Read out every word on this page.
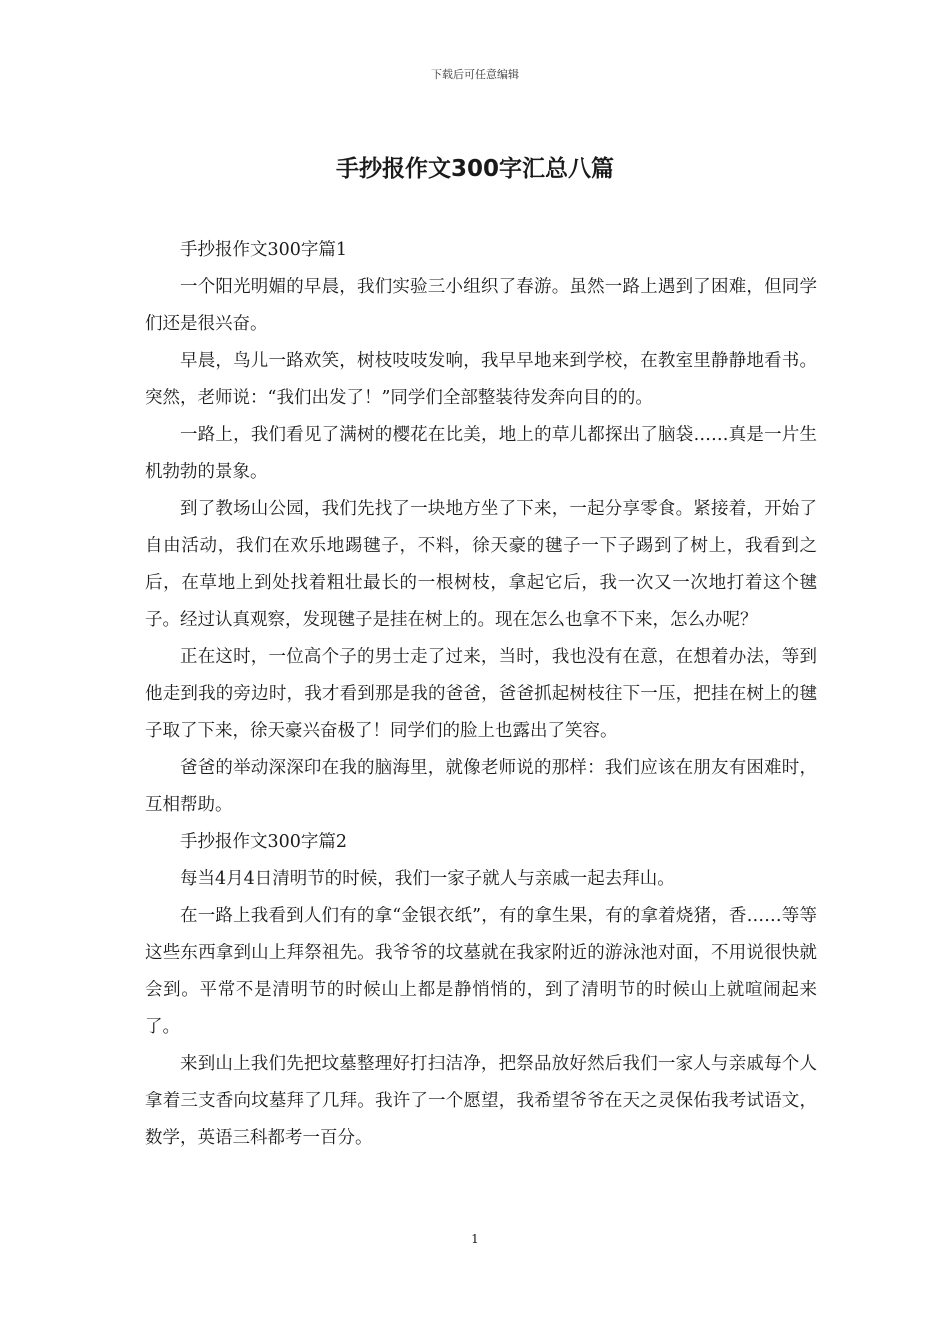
下载后可任意编辑
手抄报作文300字汇总八篇

手抄报作文300字篇1

一个阳光明媚的早晨，我们实验三小组织了春游。虽然一路上遇到了困难，但同学们还是很兴奋。

早晨，鸟儿一路欢笑，树枝吱吱发响，我早早地来到学校，在教室里静静地看书。突然，老师说：“我们出发了！”同学们全部整装待发奔向目的的。

一路上，我们看见了满树的樱花在比美，地上的草儿都探出了脑袋……真是一片生机勃勃的景象。

到了教场山公园，我们先找了一块地方坐了下来，一起分享零食。紧接着，开始了自由活动，我们在欢乐地踢毽子，不料，徐天豪的毽子一下子踢到了树上，我看到之后，在草地上到处找着粗壮最长的一根树枝，拿起它后，我一次又一次地打着这个毽子。经过认真观察，发现毽子是挂在树上的。现在怎么也拿不下来，怎么办呢？

正在这时，一位高个子的男士走了过来，当时，我也没有在意，在想着办法，等到他走到我的旁边时，我才看到那是我的爸爸，爸爸抓起树枝往下一压，把挂在树上的毽子取了下来，徐天豪兴奋极了！同学们的脸上也露出了笑容。

爸爸的举动深深印在我的脑海里，就像老师说的那样：我们应该在朋友有困难时，互相帮助。

手抄报作文300字篇2

每当4月4日清明节的时候，我们一家子就人与亲戚一起去拜山。

在一路上我看到人们有的拿“金银衣纸”，有的拿生果，有的拿着烧猪，香……等等这些东西拿到山上拜祭祖先。我爷爷的坟墓就在我家附近的游泳池对面，不用说很快就会到。平常不是清明节的时候山上都是静悄悄的，到了清明节的时候山上就喧闹起来了。

来到山上我们先把坟墓整理好打扫洁净，把祭品放好然后我们一家人与亲戚每个人拿着三支香向坟墓拜了几拜。我许了一个愿望，我希望爷爷在天之灵保佑我考试语文，数学，英语三科都考一百分。

1
